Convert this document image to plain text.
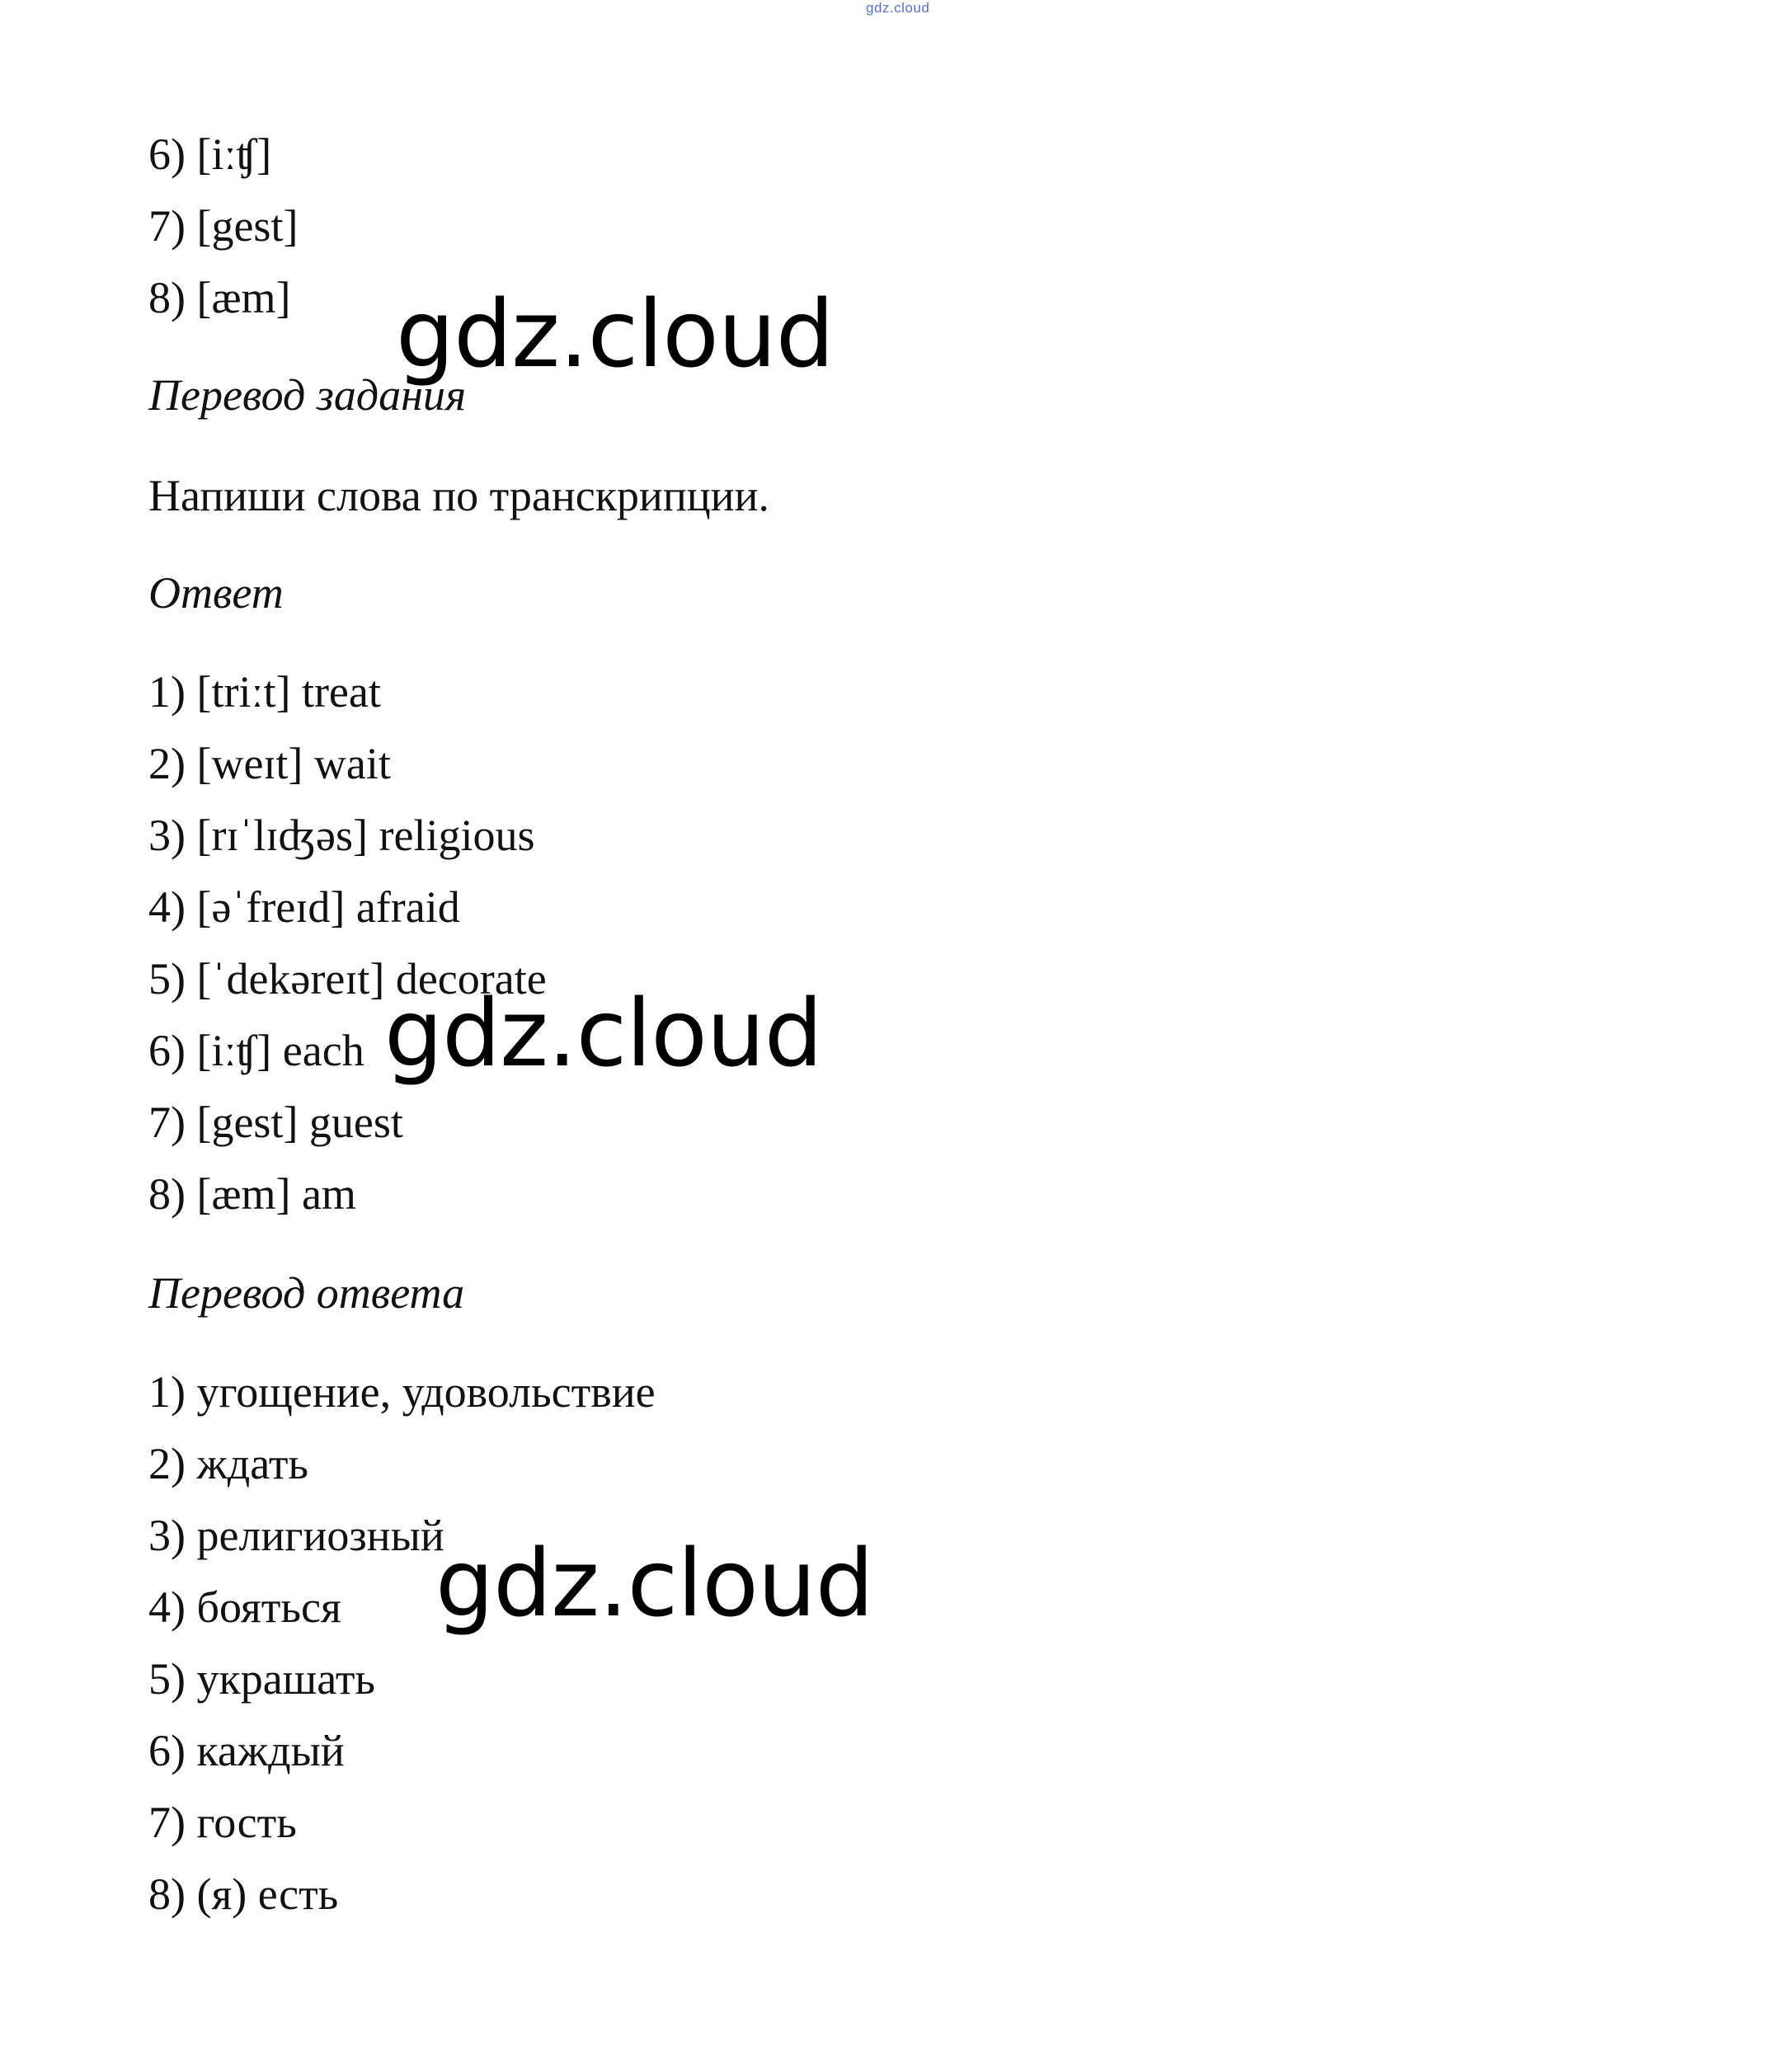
gdz.cloud
6) [iːʧ]
7) [gest]
8) [æm]
Перевод задания
Напиши слова по транскрипции.
Ответ
1) [triːt] treat
2) [weɪt] wait
3) [rɪˈlɪʤəs] religious
4) [əˈfreɪd] afraid
5) [ˈdekəreɪt] decorate
6) [iːʧ] each
7) [gest] guest
8) [æm] am
Перевод ответа
1) угощение, удовольствие
2) ждать
3) религиозный
4) бояться
5) украшать
6) каждый
7) гость
8) (я) есть
gdz.cloud
gdz.cloud
gdz.cloud
